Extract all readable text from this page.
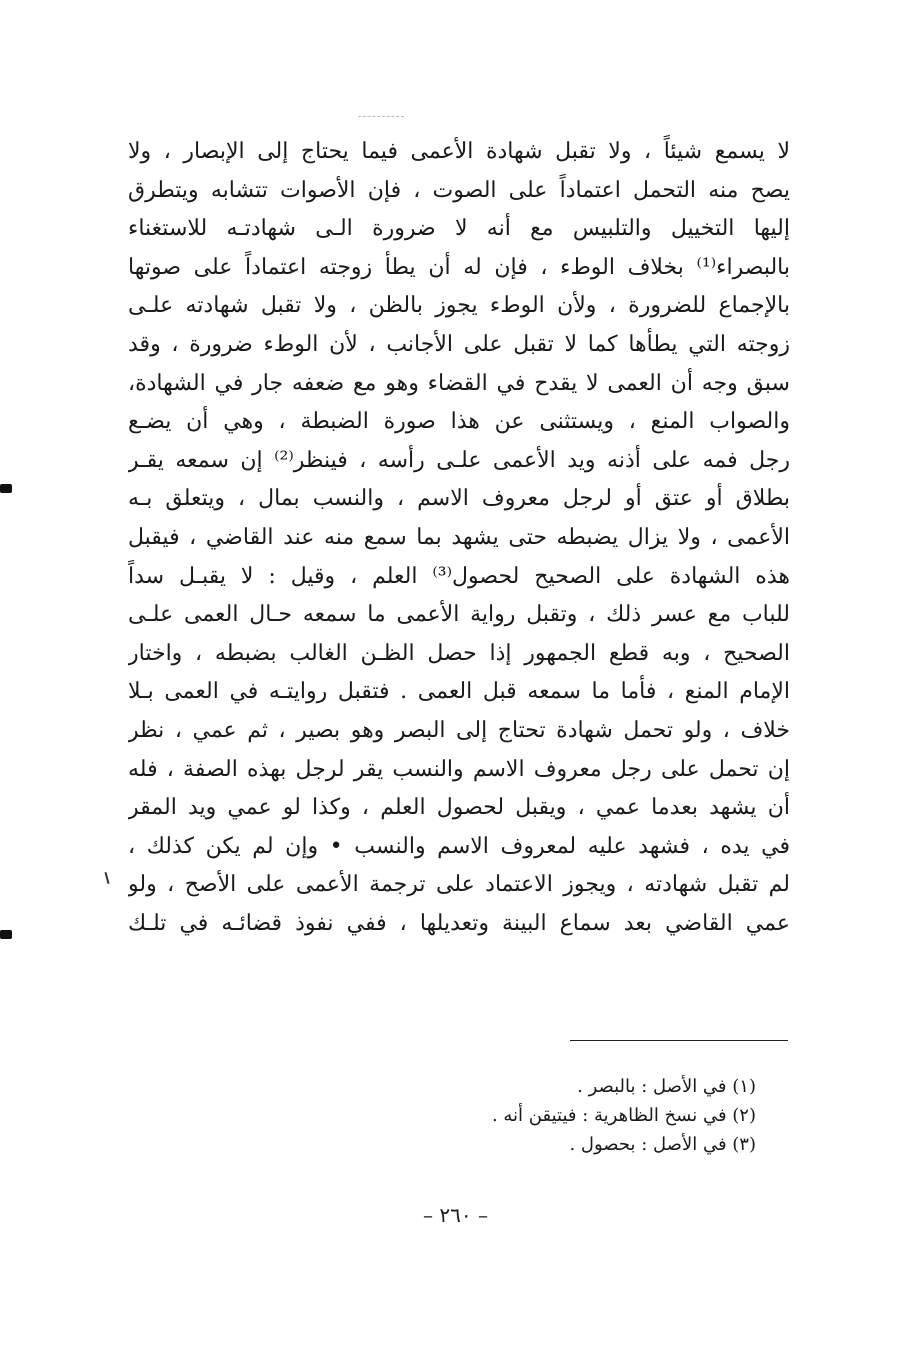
لا يسمع شيئاً ، ولا تقبل شهادة الأعمى فيما يحتاج إلى الإبصار ، ولا
يصح منه التحمل اعتماداً على الصوت ، فإن الأصوات تتشابه ويتطرق
إليها التخييل والتلبيس مع أنه لا ضرورة الـى شهادتـه للاستغناء
بالبصراء⁽¹⁾ بخلاف الوطء ، فإن له أن يطأ زوجته اعتماداً على صوتها
بالإجماع للضرورة ، ولأن الوطء يجوز بالظن ، ولا تقبل شهادته علـى
زوجته التي يطأها كما لا تقبل على الأجانب ، لأن الوطء ضرورة ، وقد
سبق وجه أن العمى لا يقدح في القضاء وهو مع ضعفه جار في الشهادة،
والصواب المنع ، ويستثنى عن هذا صورة الضبطة ، وهي أن يضـع
رجل فمه على أذنه ويد الأعمى علـى رأسه ، فينظر⁽²⁾ إن سمعه يقـر
بطلاق أو عتق أو لرجل معروف الاسم ، والنسب بمال ، ويتعلق بـه
الأعمى ، ولا يزال يضبطه حتى يشهد بما سمع منه عند القاضي ، فيقبل
هذه الشهادة على الصحيح لحصول⁽³⁾ العلم ، وقيل : لا يقبـل سداً
للباب مع عسر ذلك ، وتقبل رواية الأعمى ما سمعه حـال العمى علـى
الصحيح ، وبه قطع الجمهور إذا حصل الظـن الغالب بضبطه ، واختار
الإمام المنع ، فأما ما سمعه قبل العمى . فتقبل روايتـه في العمى بـلا
خلاف ، ولو تحمل شهادة تحتاج إلى البصر وهو بصير ، ثم عمي ، نظر
إن تحمل على رجل معروف الاسم والنسب يقر لرجل بهذه الصفة ، فله
أن يشهد بعدما عمي ، ويقبل لحصول العلم ، وكذا لو عمي ويد المقر
في يده ، فشهد عليه لمعروف الاسم والنسب • وإن لم يكن كذلك ،
لم تقبل شهادته ، ويجوز الاعتماد على ترجمة الأعمى على الأصح ، ولو
عمي القاضي بعد سماع البينة وتعديلها ، ففي نفوذ قضائـه في تلـك
(١) في الأصل : بالبصر .
(٢) في نسخ الظاهرية : فيتيقن أنه .
(٣) في الأصل : بحصول .
– ٢٦٠ –
